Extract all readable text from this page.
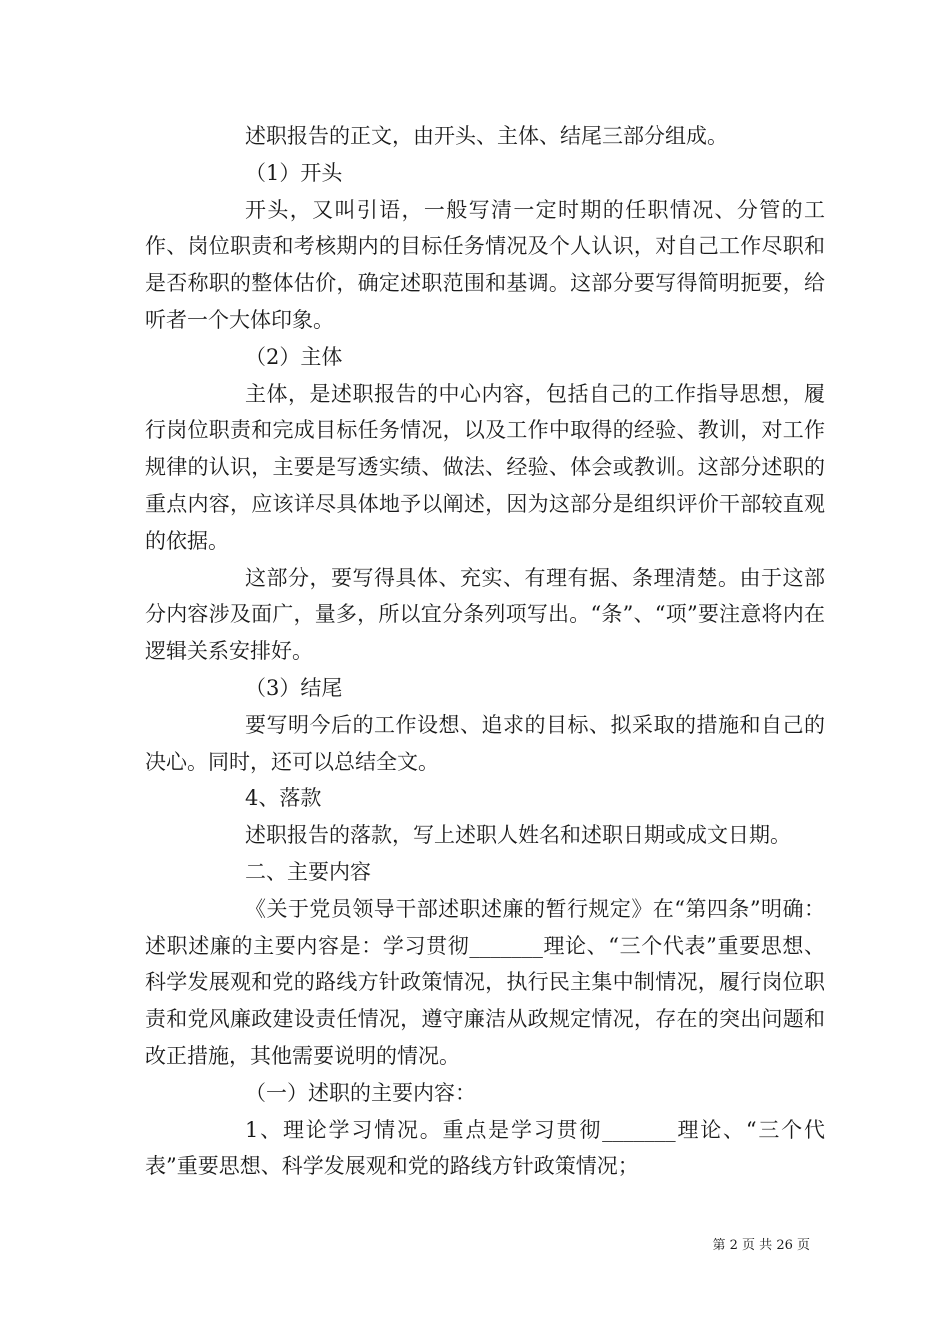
述职报告的正文，由开头、主体、结尾三部分组成。

（1）开头

开头，又叫引语，一般写清一定时期的任职情况、分管的工作、岗位职责和考核期内的目标任务情况及个人认识，对自己工作尽职和是否称职的整体估价，确定述职范围和基调。这部分要写得简明扼要，给听者一个大体印象。

（2）主体

主体，是述职报告的中心内容，包括自己的工作指导思想，履行岗位职责和完成目标任务情况，以及工作中取得的经验、教训，对工作规律的认识，主要是写透实绩、做法、经验、体会或教训。这部分述职的重点内容，应该详尽具体地予以阐述，因为这部分是组织评价干部较直观的依据。

这部分，要写得具体、充实、有理有据、条理清楚。由于这部分内容涉及面广，量多，所以宜分条列项写出。“条”、“项”要注意将内在逻辑关系安排好。

（3）结尾

要写明今后的工作设想、追求的目标、拟采取的措施和自己的决心。同时，还可以总结全文。

4、落款

述职报告的落款，写上述职人姓名和述职日期或成文日期。

二、主要内容

《关于党员领导干部述职述廉的暂行规定》在“第四条”明确：述职述廉的主要内容是：学习贯彻_______理论、“三个代表”重要思想、科学发展观和党的路线方针政策情况，执行民主集中制情况，履行岗位职责和党风廉政建设责任情况，遵守廉洁从政规定情况，存在的突出问题和改正措施，其他需要说明的情况。

（一）述职的主要内容：

1、理论学习情况。重点是学习贯彻_______理论、“三个代表”重要思想、科学发展观和党的路线方针政策情况；

第 2 页 共 26 页
